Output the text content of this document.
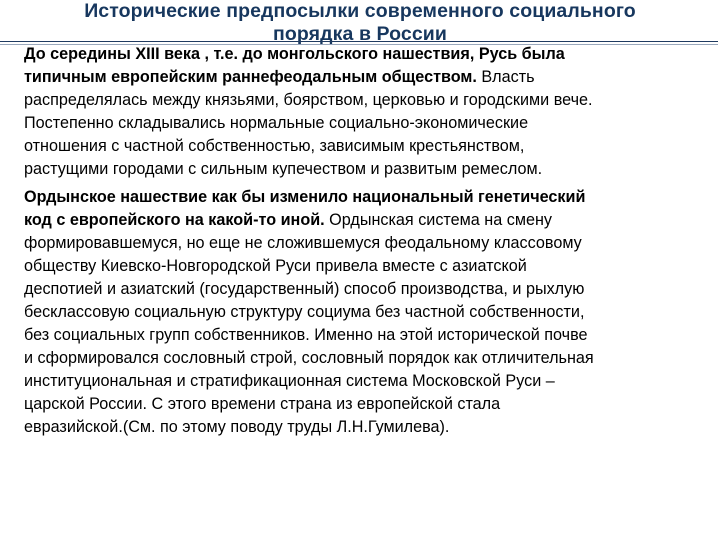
Исторические предпосылки современного социального
порядка в России
До середины XIII века , т.е. до монгольского нашествия, Русь была
типичным европейским раннефеодальным обществом. Власть
распределялась между князьями, боярством, церковью и городскими вече.
Постепенно складывались нормальные социально-экономические
отношения с частной собственностью, зависимым крестьянством,
растущими городами с сильным купечеством и развитым ремеслом.
Ордынское нашествие как бы изменило национальный генетический
код с европейского на какой-то иной. Ордынская система на смену
формировавшемуся, но еще не сложившемуся феодальному классовому
обществу Киевско-Новгородской Руси привела вместе с азиатской
деспотией и азиатский (государственный) способ производства, и рыхлую
бесклассовую социальную структуру социума без частной собственности,
без социальных групп собственников. Именно на этой исторической почве
и сформировался сословный строй, сословный порядок как отличительная
институциональная и стратификационная система Московской Руси –
царской России. С этого времени страна из европейской стала
евразийской.(См. по этому поводу труды Л.Н.Гумилева).
